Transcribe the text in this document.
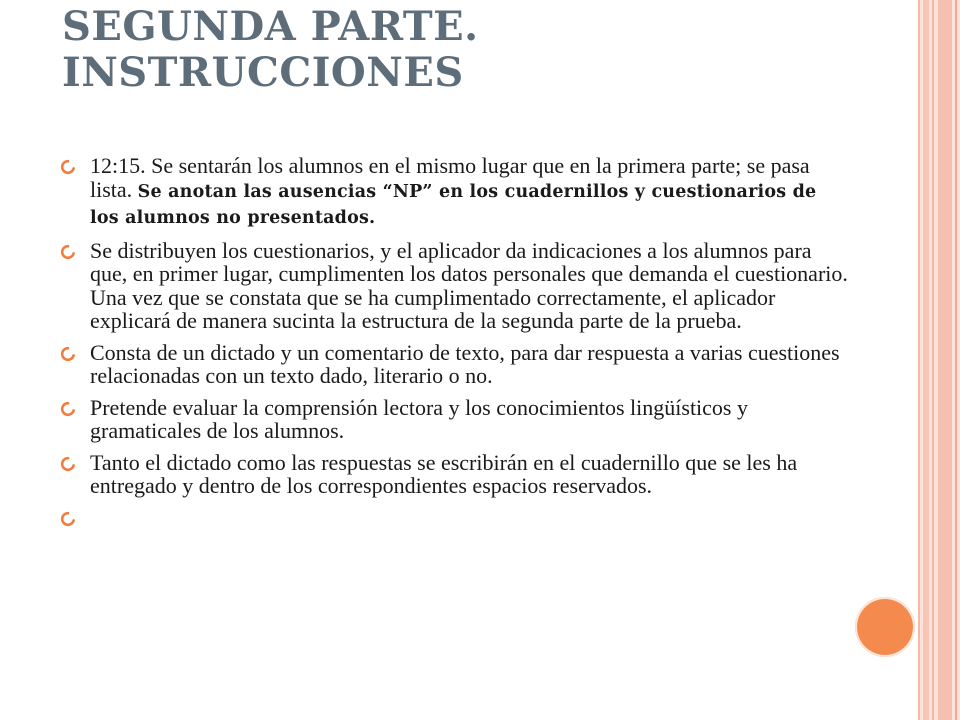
SEGUNDA PARTE.
INSTRUCCIONES

12:15. Se sentarán los alumnos en el mismo lugar que en la primera parte; se pasa lista. Se anotan las ausencias “NP” en los cuadernillos y cuestionarios de los alumnos no presentados.

Se distribuyen los cuestionarios, y el aplicador da indicaciones a los alumnos para que, en primer lugar, cumplimenten los datos personales que demanda el cuestionario. Una vez que se constata que se ha cumplimentado correctamente, el aplicador explicará de manera sucinta la estructura de la segunda parte de la prueba.

Consta de un dictado y un comentario de texto, para dar respuesta a varias cuestiones relacionadas con un texto dado, literario o no.

Pretende evaluar la comprensión lectora y los conocimientos lingüísticos y gramaticales de los alumnos.

Tanto el dictado como las respuestas se escribirán en el cuadernillo que se les ha entregado y dentro de los correspondientes espacios reservados.
